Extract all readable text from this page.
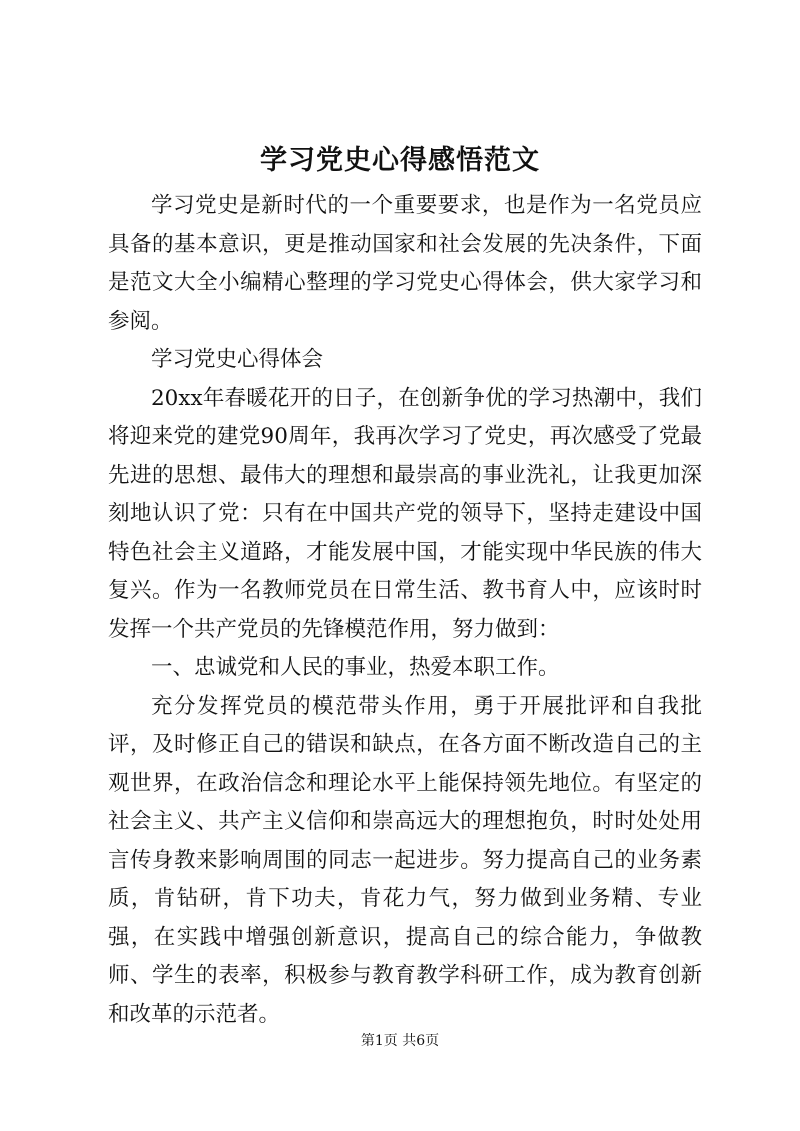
学习党史心得感悟范文

学习党史是新时代的一个重要要求，也是作为一名党员应具备的基本意识，更是推动国家和社会发展的先决条件，下面是范文大全小编精心整理的学习党史心得体会，供大家学习和参阅。

学习党史心得体会

20xx年春暖花开的日子，在创新争优的学习热潮中，我们将迎来党的建党90周年，我再次学习了党史，再次感受了党最先进的思想、最伟大的理想和最崇高的事业洗礼，让我更加深刻地认识了党：只有在中国共产党的领导下，坚持走建设中国特色社会主义道路，才能发展中国，才能实现中华民族的伟大复兴。作为一名教师党员在日常生活、教书育人中，应该时时发挥一个共产党员的先锋模范作用，努力做到：

一、忠诚党和人民的事业，热爱本职工作。

充分发挥党员的模范带头作用，勇于开展批评和自我批评，及时修正自己的错误和缺点，在各方面不断改造自己的主观世界，在政治信念和理论水平上能保持领先地位。有坚定的社会主义、共产主义信仰和崇高远大的理想抱负，时时处处用言传身教来影响周围的同志一起进步。努力提高自己的业务素质，肯钻研，肯下功夫，肯花力气，努力做到业务精、专业强，在实践中增强创新意识，提高自己的综合能力，争做教师、学生的表率，积极参与教育教学科研工作，成为教育创新和改革的示范者。

第1页 共6页
